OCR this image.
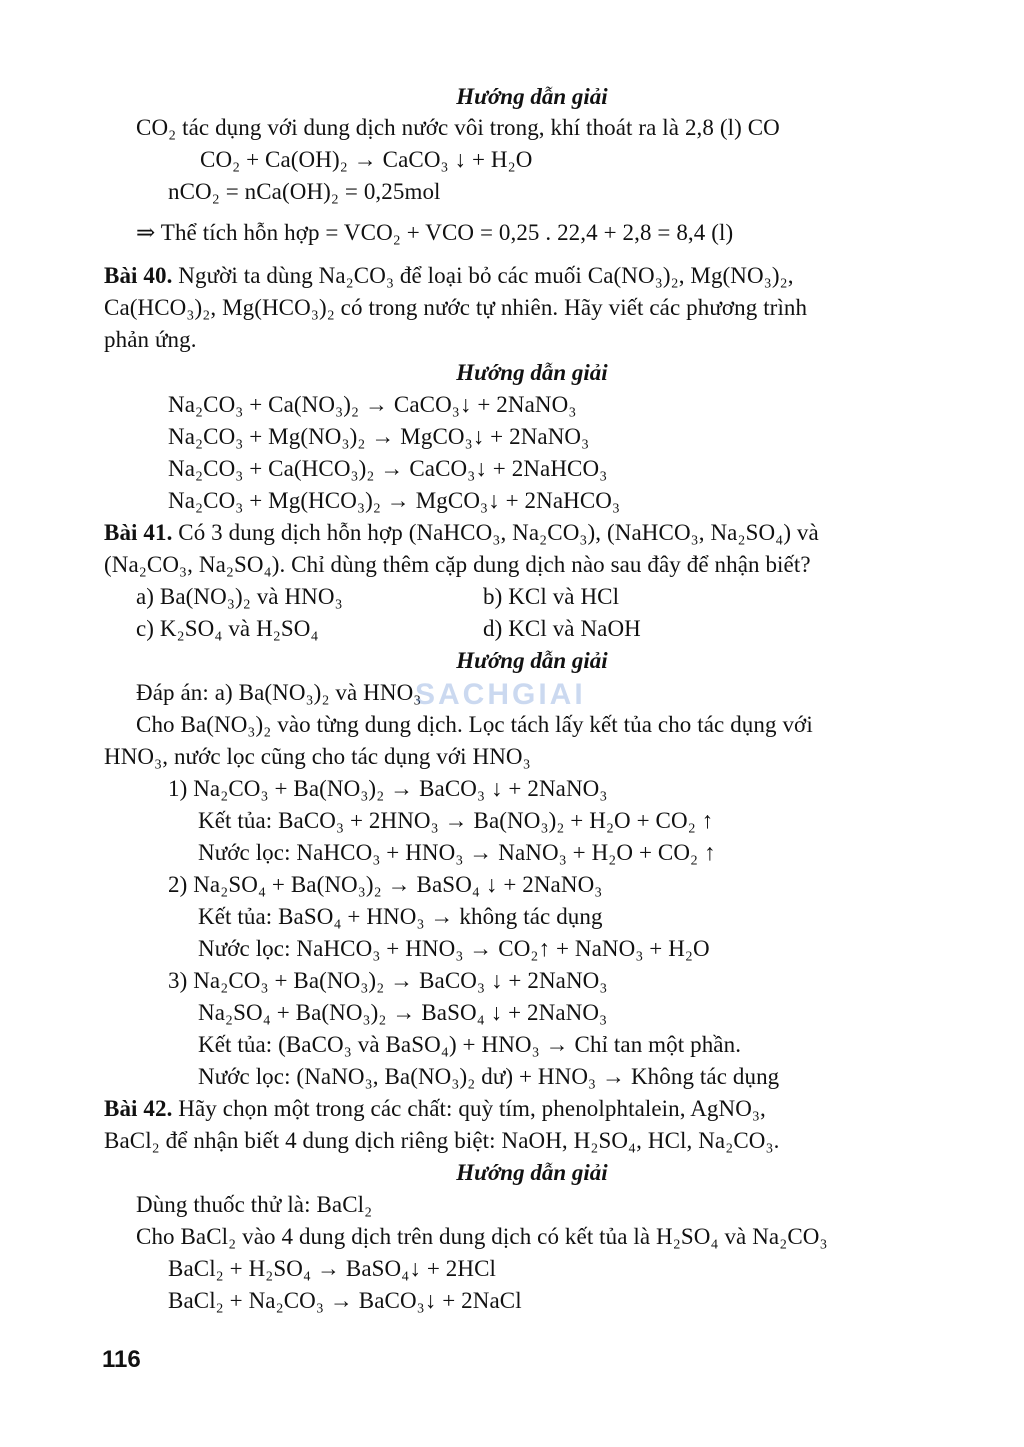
Hướng dẫn giải
CO₂ tác dụng với dung dịch nước vôi trong, khí thoát ra là 2,8 (l) CO
CO₂ + Ca(OH)₂ → CaCO₃ ↓ + H₂O
nCO₂ = nCa(OH)₂ = 0,25mol
⇒ Thể tích hỗn hợp = VCO₂ + VCO = 0,25 . 22,4 + 2,8 = 8,4 (l)
Bài 40. Người ta dùng Na₂CO₃ để loại bỏ các muối Ca(NO₃)₂, Mg(NO₃)₂,
Ca(HCO₃)₂, Mg(HCO₃)₂ có trong nước tự nhiên. Hãy viết các phương trình
phản ứng.
Hướng dẫn giải
Na₂CO₃ + Ca(NO₃)₂ → CaCO₃↓ + 2NaNO₃
Na₂CO₃ + Mg(NO₃)₂ → MgCO₃↓ + 2NaNO₃
Na₂CO₃ + Ca(HCO₃)₂ → CaCO₃↓ + 2NaHCO₃
Na₂CO₃ + Mg(HCO₃)₂ → MgCO₃↓ + 2NaHCO₃
Bài 41. Có 3 dung dịch hỗn hợp (NaHCO₃, Na₂CO₃), (NaHCO₃, Na₂SO₄) và
(Na₂CO₃, Na₂SO₄). Chỉ dùng thêm cặp dung dịch nào sau đây để nhận biết?
a) Ba(NO₃)₂ và HNO₃	b) KCl và HCl
c) K₂SO₄ và H₂SO₄	d) KCl và NaOH
Hướng dẫn giải
Đáp án: a) Ba(NO₃)₂ và HNO₃
Cho Ba(NO₃)₂ vào từng dung dịch. Lọc tách lấy kết tủa cho tác dụng với
HNO₃, nước lọc cũng cho tác dụng với HNO₃
1) Na₂CO₃ + Ba(NO₃)₂ → BaCO₃ ↓ + 2NaNO₃
Kết tủa: BaCO₃ + 2HNO₃ → Ba(NO₃)₂ + H₂O + CO₂ ↑
Nước lọc: NaHCO₃ + HNO₃ → NaNO₃ + H₂O + CO₂ ↑
2) Na₂SO₄ + Ba(NO₃)₂ → BaSO₄ ↓ + 2NaNO₃
Kết tủa: BaSO₄ + HNO₃ → không tác dụng
Nước lọc: NaHCO₃ + HNO₃ → CO₂↑ + NaNO₃ + H₂O
3) Na₂CO₃ + Ba(NO₃)₂ → BaCO₃ ↓ + 2NaNO₃
Na₂SO₄ + Ba(NO₃)₂ → BaSO₄ ↓ + 2NaNO₃
Kết tủa: (BaCO₃ và BaSO₄) + HNO₃ → Chỉ tan một phần.
Nước lọc: (NaNO₃, Ba(NO₃)₂ dư) + HNO₃ → Không tác dụng
Bài 42. Hãy chọn một trong các chất: quỳ tím, phenolphtalein, AgNO₃,
BaCl₂ để nhận biết 4 dung dịch riêng biệt: NaOH, H₂SO₄, HCl, Na₂CO₃.
Hướng dẫn giải
Dùng thuốc thử là: BaCl₂
Cho BaCl₂ vào 4 dung dịch trên dung dịch có kết tủa là H₂SO₄ và Na₂CO₃
BaCl₂ + H₂SO₄ → BaSO₄↓ + 2HCl
BaCl₂ + Na₂CO₃ → BaCO₃↓ + 2NaCl
SACHGIAI
116
